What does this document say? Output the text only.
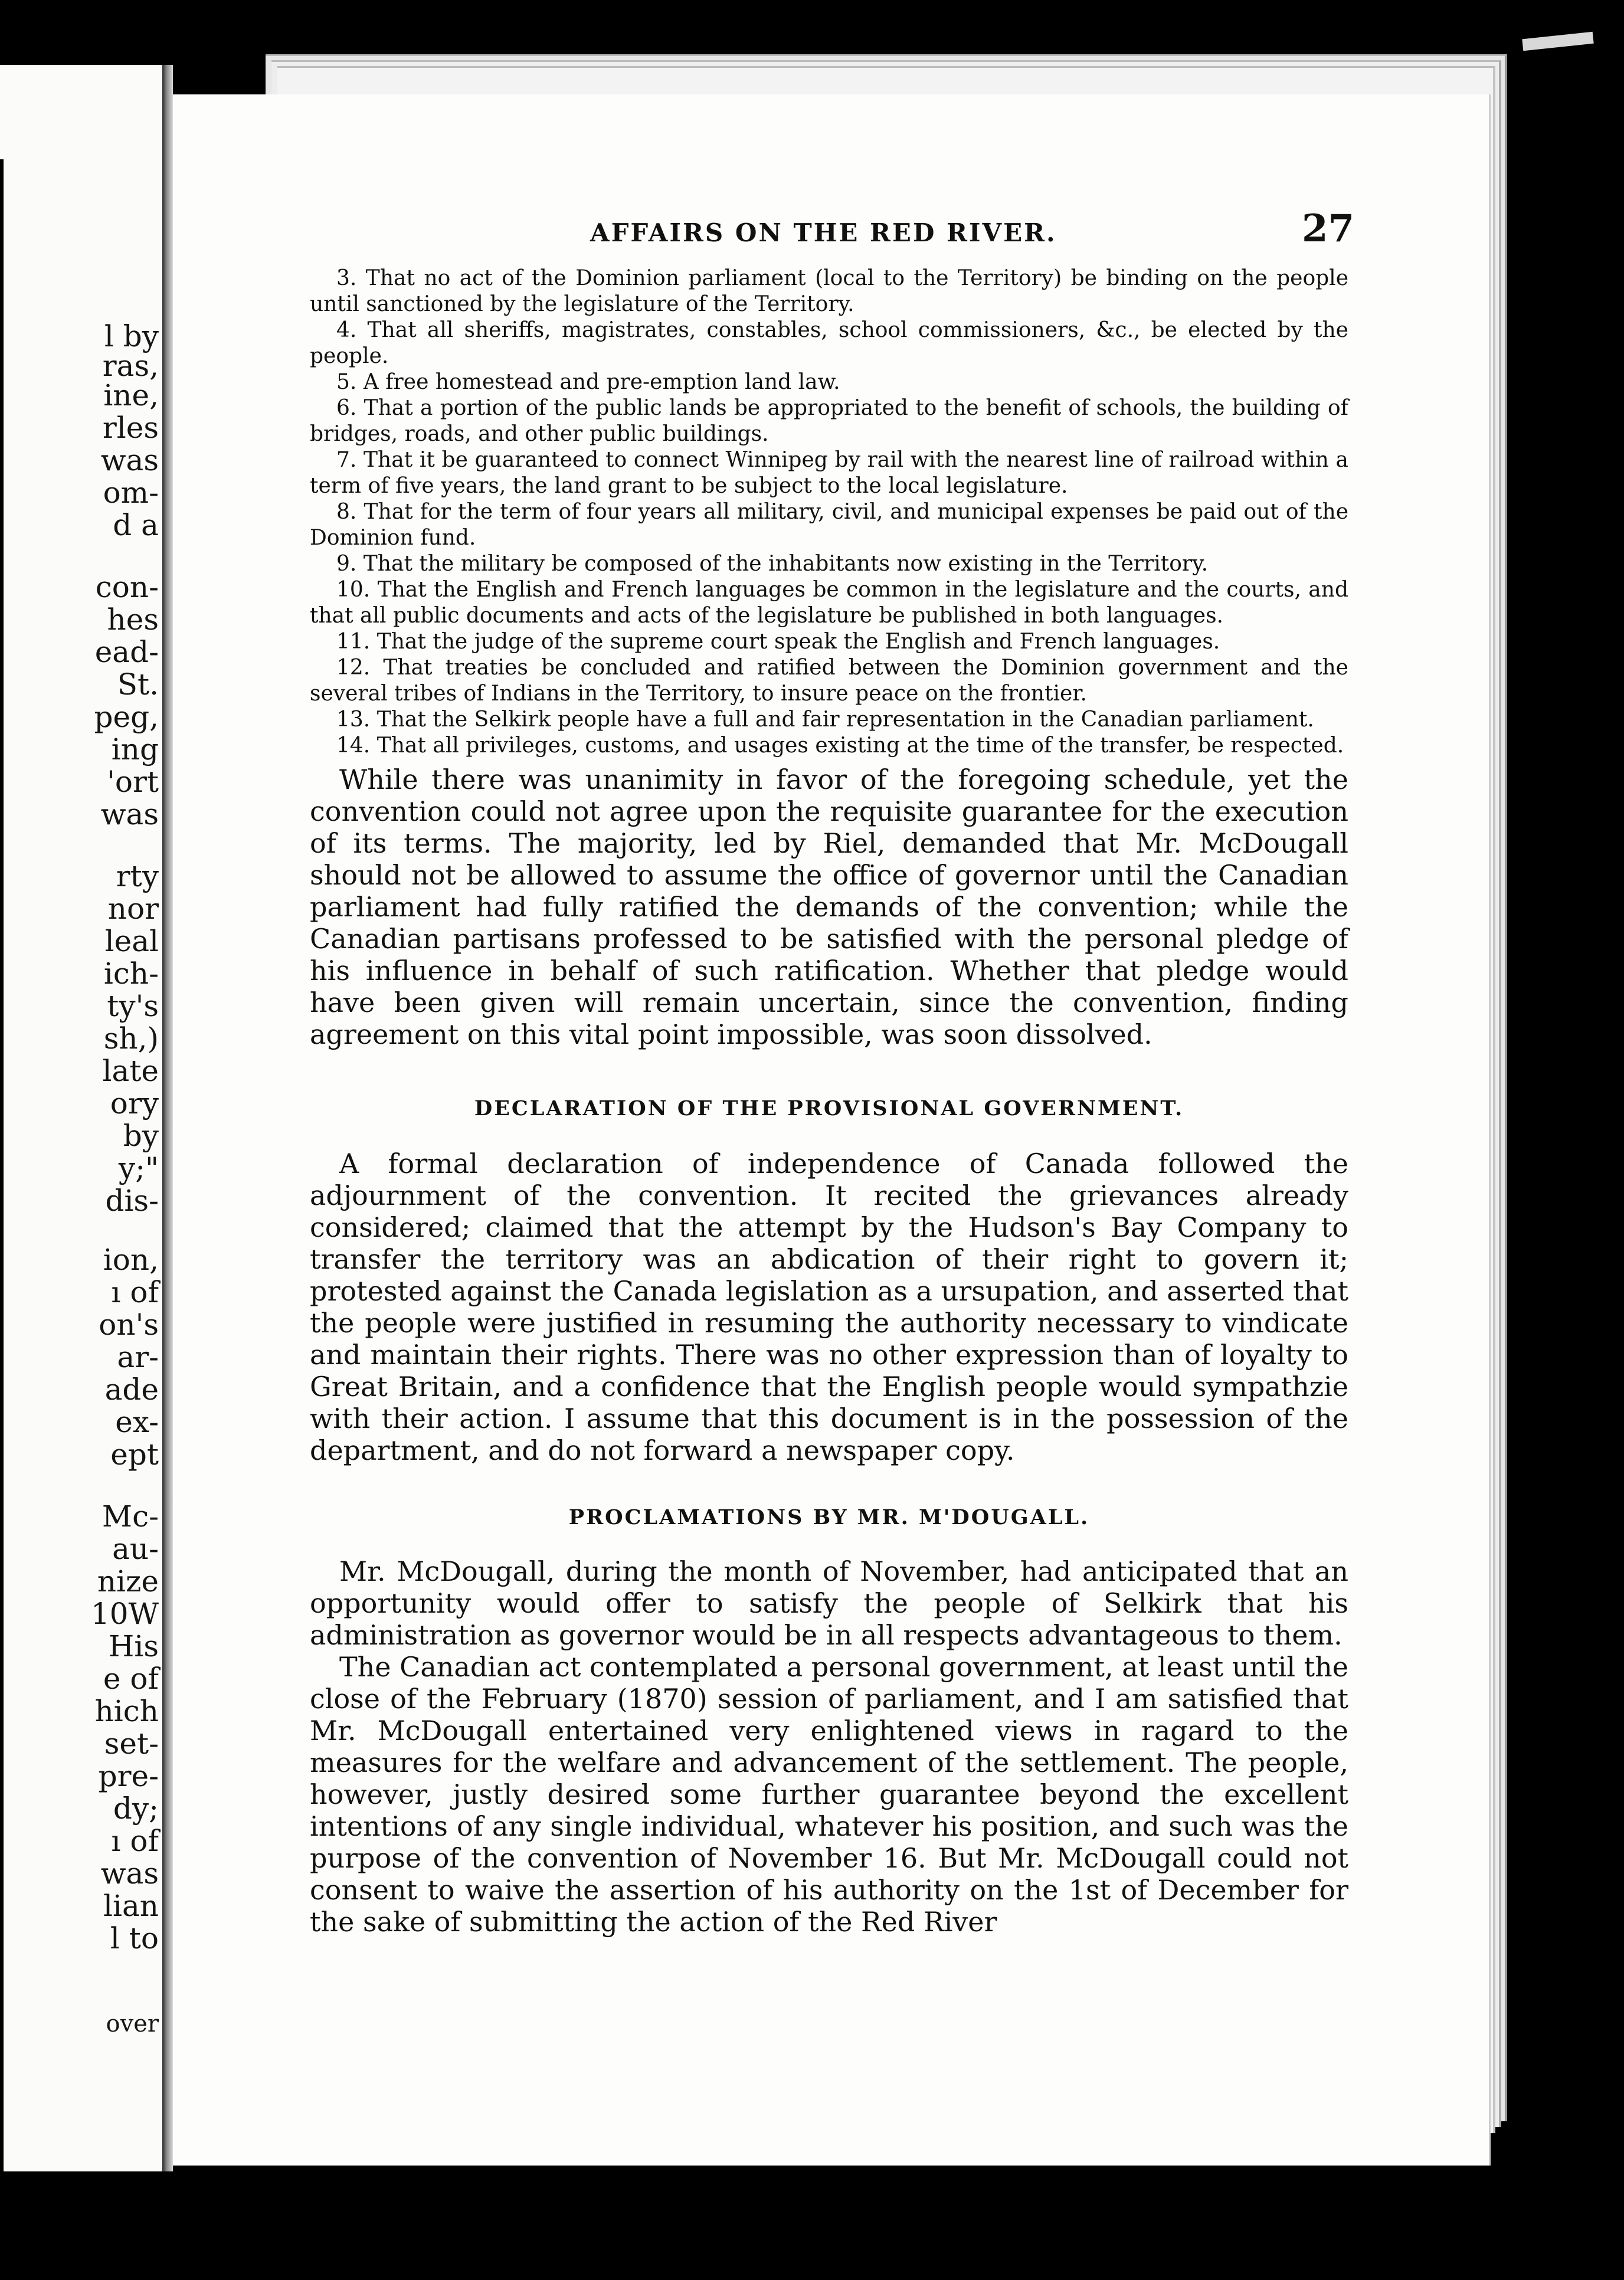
l by
ras,
ine,
rles
was
om-
d a
con-
hes
ead-
St.
peg,
ing
'ort
was
rty
nor
leal
ich-
ty's
sh,)
late
ory
by
y;"
dis-
ion,
ı of
on's
ar-
ade
ex-
ept
Mc-
au-
nize
10W
His
e of
hich
set-
pre-
dy;
ı of
was
lian
l to
over
AFFAIRS ON THE RED RIVER.	27

3. That no act of the Dominion parliament (local to the Territory) be binding on the people until sanctioned by the legislature of the Territory.

4. That all sheriffs, magistrates, constables, school commissioners, &c., be elected by the people.

5. A free homestead and pre-emption land law.

6. That a portion of the public lands be appropriated to the benefit of schools, the building of bridges, roads, and other public buildings.

7. That it be guaranteed to connect Winnipeg by rail with the nearest line of railroad within a term of five years, the land grant to be subject to the local legislature.

8. That for the term of four years all military, civil, and municipal expenses be paid out of the Dominion fund.

9. That the military be composed of the inhabitants now existing in the Territory.

10. That the English and French languages be common in the legislature and the courts, and that all public documents and acts of the legislature be published in both languages.

11. That the judge of the supreme court speak the English and French languages.

12. That treaties be concluded and ratified between the Dominion government and the several tribes of Indians in the Territory, to insure peace on the frontier.

13. That the Selkirk people have a full and fair representation in the Canadian parliament.

14. That all privileges, customs, and usages existing at the time of the transfer, be respected.

While there was unanimity in favor of the foregoing schedule, yet the convention could not agree upon the requisite guarantee for the execution of its terms. The majority, led by Riel, demanded that Mr. McDougall should not be allowed to assume the office of governor until the Canadian parliament had fully ratified the demands of the convention; while the Canadian partisans professed to be satisfied with the personal pledge of his influence in behalf of such ratification. Whether that pledge would have been given will remain uncertain, since the convention, finding agreement on this vital point impossible, was soon dissolved.

DECLARATION OF THE PROVISIONAL GOVERNMENT.

A formal declaration of independence of Canada followed the adjournment of the convention. It recited the grievances already considered; claimed that the attempt by the Hudson's Bay Company to transfer the territory was an abdication of their right to govern it; protested against the Canada legislation as a ursupation, and asserted that the people were justified in resuming the authority necessary to vindicate and maintain their rights. There was no other expression than of loyalty to Great Britain, and a confidence that the English people would sympathzie with their action. I assume that this document is in the possession of the department, and do not forward a newspaper copy.

PROCLAMATIONS BY MR. M'DOUGALL.

Mr. McDougall, during the month of November, had anticipated that an opportunity would offer to satisfy the people of Selkirk that his administration as governor would be in all respects advantageous to them.

The Canadian act contemplated a personal government, at least until the close of the February (1870) session of parliament, and I am satisfied that Mr. McDougall entertained very enlightened views in ragard to the measures for the welfare and advancement of the settlement. The people, however, justly desired some further guarantee beyond the excellent intentions of any single individual, whatever his position, and such was the purpose of the convention of November 16. But Mr. McDougall could not consent to waive the assertion of his authority on the 1st of December for the sake of submitting the action of the Red River
